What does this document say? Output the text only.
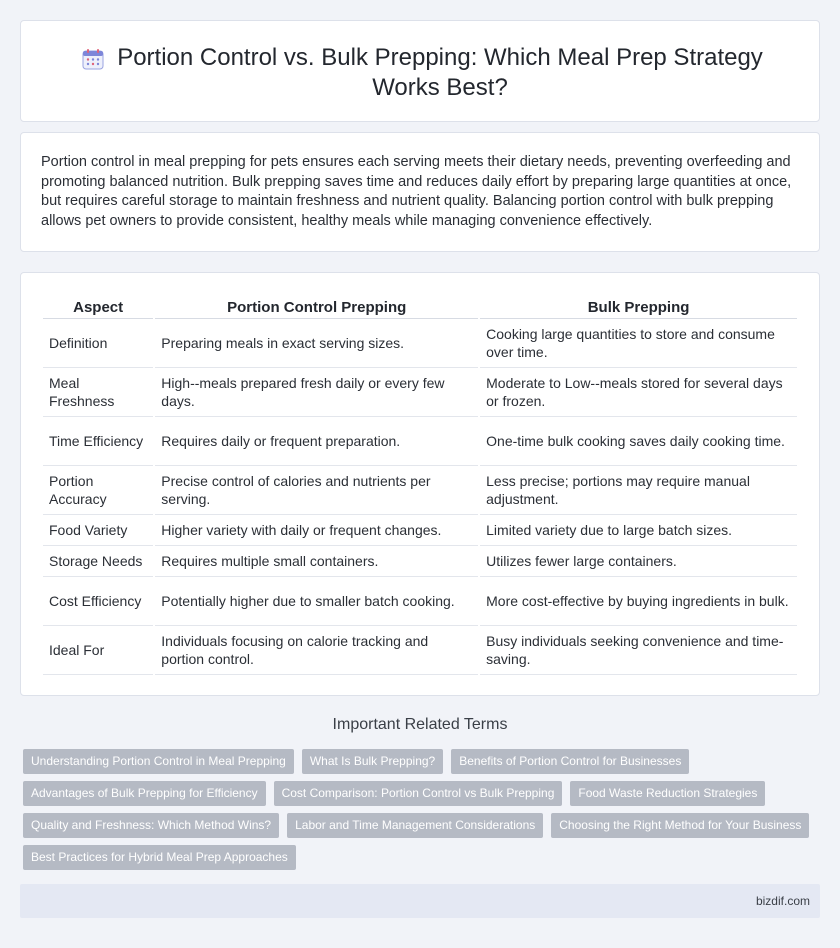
Portion Control vs. Bulk Prepping: Which Meal Prep Strategy Works Best?

Portion control in meal prepping for pets ensures each serving meets their dietary needs, preventing overfeeding and promoting balanced nutrition. Bulk prepping saves time and reduces daily effort by preparing large quantities at once, but requires careful storage to maintain freshness and nutrient quality. Balancing portion control with bulk prepping allows pet owners to provide consistent, healthy meals while managing convenience effectively.

Aspect	Portion Control Prepping	Bulk Prepping
Definition	Preparing meals in exact serving sizes.	Cooking large quantities to store and consume over time.
Meal Freshness	High--meals prepared fresh daily or every few days.	Moderate to Low--meals stored for several days or frozen.
Time Efficiency	Requires daily or frequent preparation.	One-time bulk cooking saves daily cooking time.
Portion Accuracy	Precise control of calories and nutrients per serving.	Less precise; portions may require manual adjustment.
Food Variety	Higher variety with daily or frequent changes.	Limited variety due to large batch sizes.
Storage Needs	Requires multiple small containers.	Utilizes fewer large containers.
Cost Efficiency	Potentially higher due to smaller batch cooking.	More cost-effective by buying ingredients in bulk.
Ideal For	Individuals focusing on calorie tracking and portion control.	Busy individuals seeking convenience and time-saving.
Important Related Terms
Understanding Portion Control in Meal Prepping	What Is Bulk Prepping?	Benefits of Portion Control for Businesses
Advantages of Bulk Prepping for Efficiency	Cost Comparison: Portion Control vs Bulk Prepping	Food Waste Reduction Strategies
Quality and Freshness: Which Method Wins?	Labor and Time Management Considerations	Choosing the Right Method for Your Business
Best Practices for Hybrid Meal Prep Approaches
bizdif.com
